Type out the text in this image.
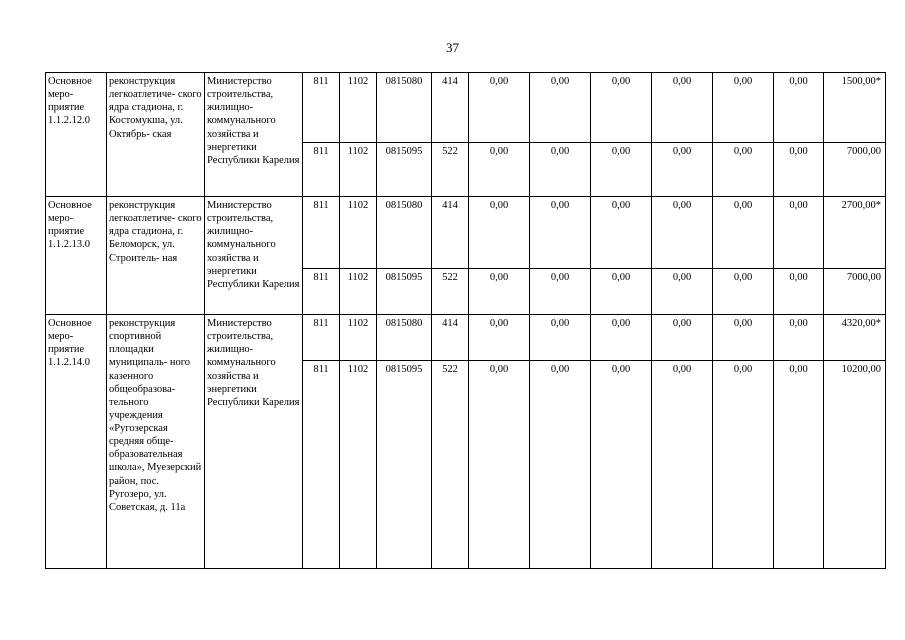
37
Основное меро- приятие 1.1.2.12.0	реконструкция легкоатлетиче- ского ядра стадиона, г. Костомукша, ул. Октябрь- ская	Министерство строительства, жилищно- коммунального хозяйства и энергетики Республики Карелия	811	1102	0815080	414	0,00	0,00	0,00	0,00	0,00	0,00	1500,00*
			811	1102	0815095	522	0,00	0,00	0,00	0,00	0,00	0,00	7000,00
Основное меро- приятие 1.1.2.13.0	реконструкция легкоатлетиче- ского ядра стадиона, г. Беломорск, ул. Строитель- ная	Министерство строительства, жилищно- коммунального хозяйства и энергетики Республики Карелия	811	1102	0815080	414	0,00	0,00	0,00	0,00	0,00	0,00	2700,00*
			811	1102	0815095	522	0,00	0,00	0,00	0,00	0,00	0,00	7000,00
Основное меро- приятие 1.1.2.14.0	реконструкция спортивной площадки муниципаль- ного казенного общеобразова- тельного учреждения «Ругозерская средняя обще- образовательная школа», Муезерский район, пос. Ругозеро, ул. Советская, д. 11а	Министерство строительства, жилищно- коммунального хозяйства и энергетики Республики Карелия	811	1102	0815080	414	0,00	0,00	0,00	0,00	0,00	0,00	4320,00*
			811	1102	0815095	522	0,00	0,00	0,00	0,00	0,00	0,00	10200,00
